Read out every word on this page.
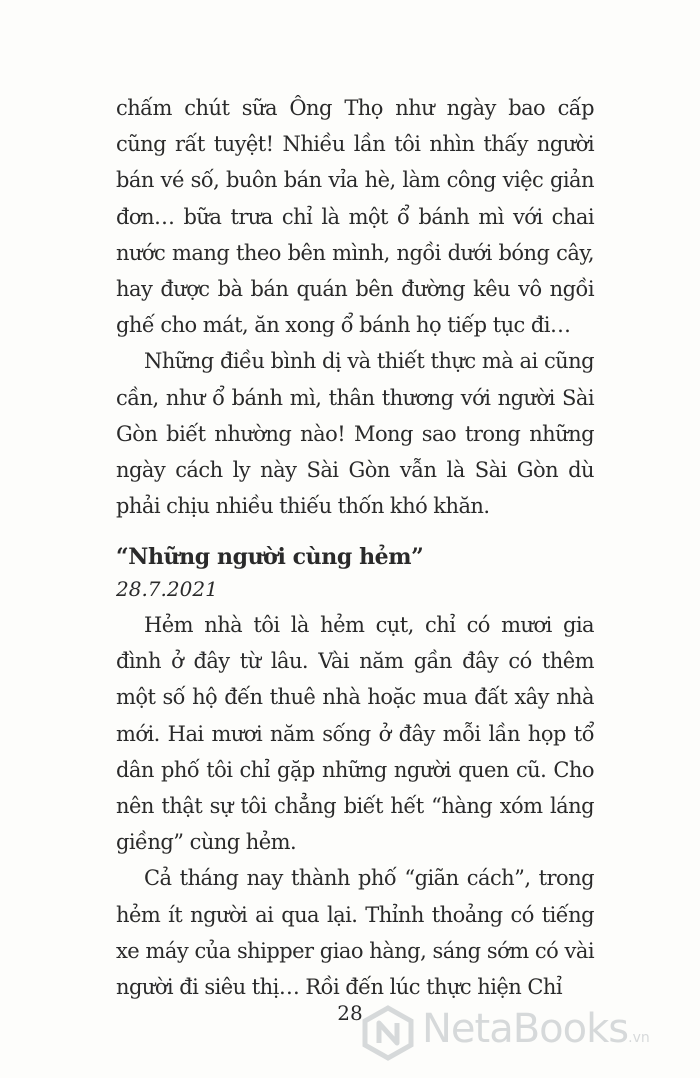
chấm chút sữa Ông Thọ như ngày bao cấp cũng rất tuyệt! Nhiều lần tôi nhìn thấy người bán vé số, buôn bán vỉa hè, làm công việc giản đơn… bữa trưa chỉ là một ổ bánh mì với chai nước mang theo bên mình, ngồi dưới bóng cây, hay được bà bán quán bên đường kêu vô ngồi ghế cho mát, ăn xong ổ bánh họ tiếp tục đi…

Những điều bình dị và thiết thực mà ai cũng cần, như ổ bánh mì, thân thương với người Sài Gòn biết nhường nào! Mong sao trong những ngày cách ly này Sài Gòn vẫn là Sài Gòn dù phải chịu nhiều thiếu thốn khó khăn.

“Những người cùng hẻm”

28.7.2021

Hẻm nhà tôi là hẻm cụt, chỉ có mươi gia đình ở đây từ lâu. Vài năm gần đây có thêm một số hộ đến thuê nhà hoặc mua đất xây nhà mới. Hai mươi năm sống ở đây mỗi lần họp tổ dân phố tôi chỉ gặp những người quen cũ. Cho nên thật sự tôi chẳng biết hết “hàng xóm láng giềng” cùng hẻm.

Cả tháng nay thành phố “giãn cách”, trong hẻm ít người ai qua lại. Thỉnh thoảng có tiếng xe máy của shipper giao hàng, sáng sớm có vài người đi siêu thị… Rồi đến lúc thực hiện Chỉ

28	NetaBooks.vn
